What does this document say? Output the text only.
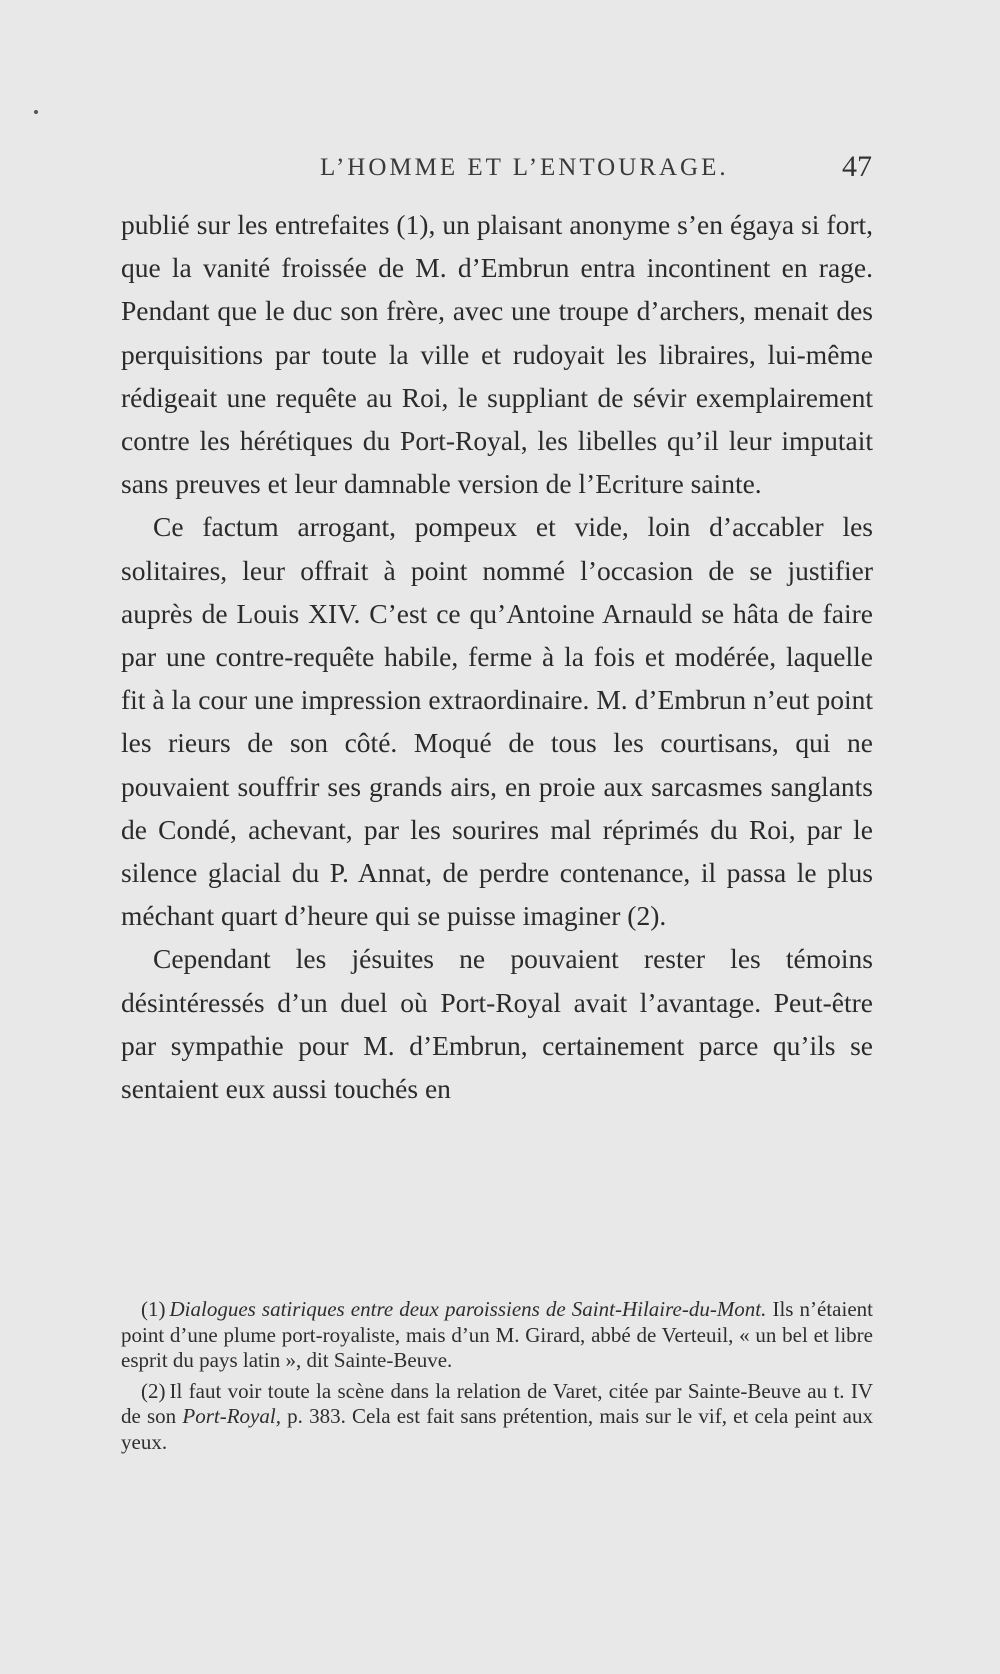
L’HOMME ET L’ENTOURAGE.	47

publié sur les entrefaites (1), un plaisant anonyme s’en égaya si fort, que la vanité froissée de M. d’Embrun entra incontinent en rage. Pendant que le duc son frère, avec une troupe d’archers, menait des perquisitions par toute la ville et rudoyait les libraires, lui-même rédigeait une requête au Roi, le suppliant de sévir exemplairement contre les hérétiques du Port-Royal, les libelles qu’il leur imputait sans preuves et leur damnable version de l’Ecriture sainte.

Ce factum arrogant, pompeux et vide, loin d’accabler les solitaires, leur offrait à point nommé l’occasion de se justifier auprès de Louis XIV. C’est ce qu’Antoine Arnauld se hâta de faire par une contre-requête habile, ferme à la fois et modérée, laquelle fit à la cour une impression extraordinaire. M. d’Embrun n’eut point les rieurs de son côté. Moqué de tous les courtisans, qui ne pouvaient souffrir ses grands airs, en proie aux sarcasmes sanglants de Condé, achevant, par les sourires mal réprimés du Roi, par le silence glacial du P. Annat, de perdre contenance, il passa le plus méchant quart d’heure qui se puisse imaginer (2).

Cependant les jésuites ne pouvaient rester les témoins désintéressés d’un duel où Port-Royal avait l’avantage. Peut-être par sympathie pour M. d’Embrun, certainement parce qu’ils se sentaient eux aussi touchés en

(1) Dialogues satiriques entre deux paroissiens de Saint-Hilaire-du-Mont. Ils n’étaient point d’une plume port-royaliste, mais d’un M. Girard, abbé de Verteuil, « un bel et libre esprit du pays latin », dit Sainte-Beuve.

(2) Il faut voir toute la scène dans la relation de Varet, citée par Sainte-Beuve au t. IV de son Port-Royal, p. 383. Cela est fait sans prétention, mais sur le vif, et cela peint aux yeux.
